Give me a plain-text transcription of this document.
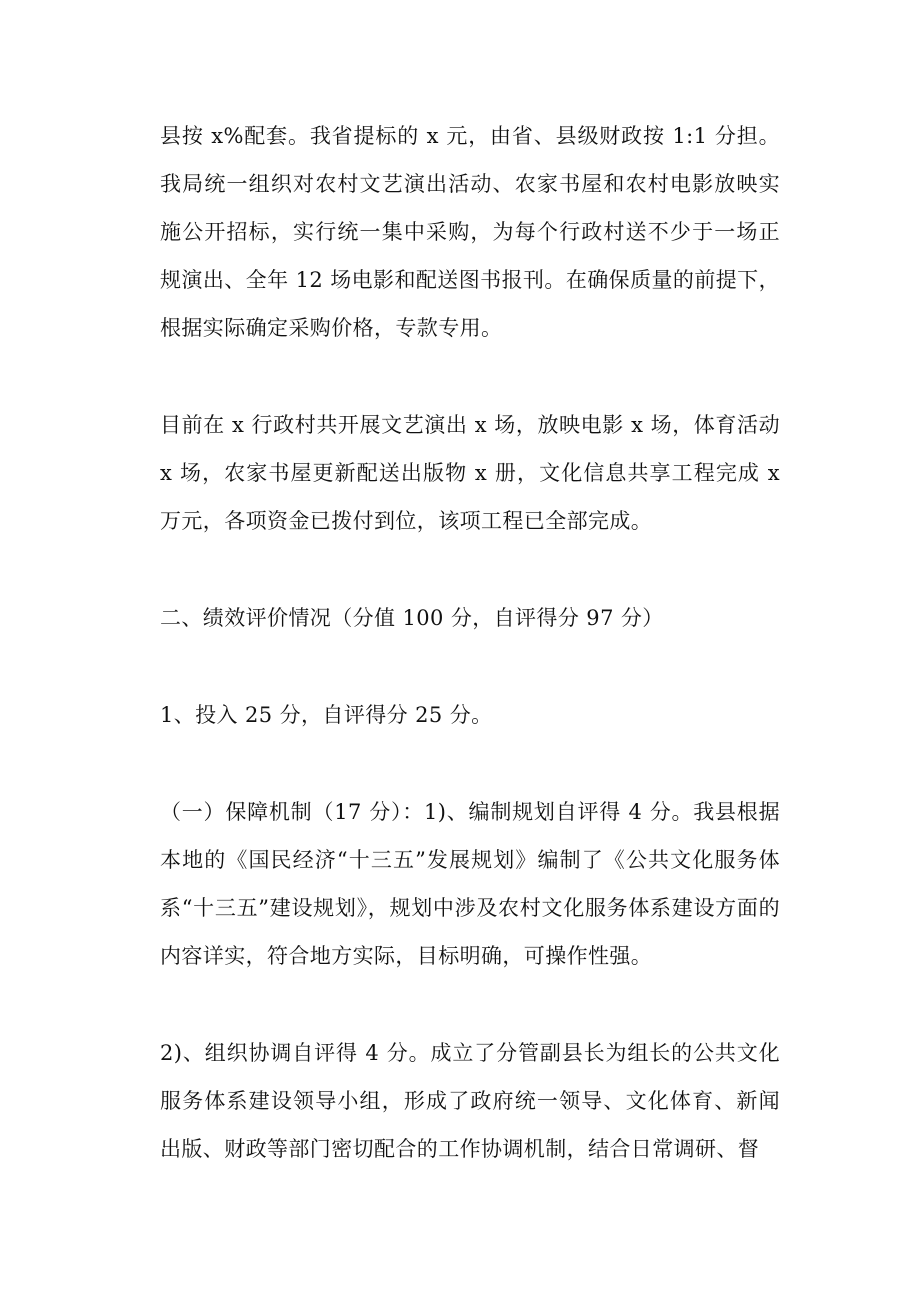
县按 x%配套。我省提标的 x 元，由省、县级财政按 1:1 分担。我局统一组织对农村文艺演出活动、农家书屋和农村电影放映实施公开招标，实行统一集中采购，为每个行政村送不少于一场正规演出、全年 12 场电影和配送图书报刊。在确保质量的前提下，根据实际确定采购价格，专款专用。

目前在 x 行政村共开展文艺演出 x 场，放映电影 x 场，体育活动 x 场，农家书屋更新配送出版物 x 册，文化信息共享工程完成 x 万元，各项资金已拨付到位，该项工程已全部完成。

二、绩效评价情况（分值 100 分，自评得分 97 分）

1、投入 25 分，自评得分 25 分。

（一）保障机制（17 分）：1)、编制规划自评得 4 分。我县根据本地的《国民经济“十三五”发展规划》编制了《公共文化服务体系“十三五”建设规划》，规划中涉及农村文化服务体系建设方面的内容详实，符合地方实际，目标明确，可操作性强。

2)、组织协调自评得 4 分。成立了分管副县长为组长的公共文化服务体系建设领导小组，形成了政府统一领导、文化体育、新闻出版、财政等部门密切配合的工作协调机制，结合日常调研、督
